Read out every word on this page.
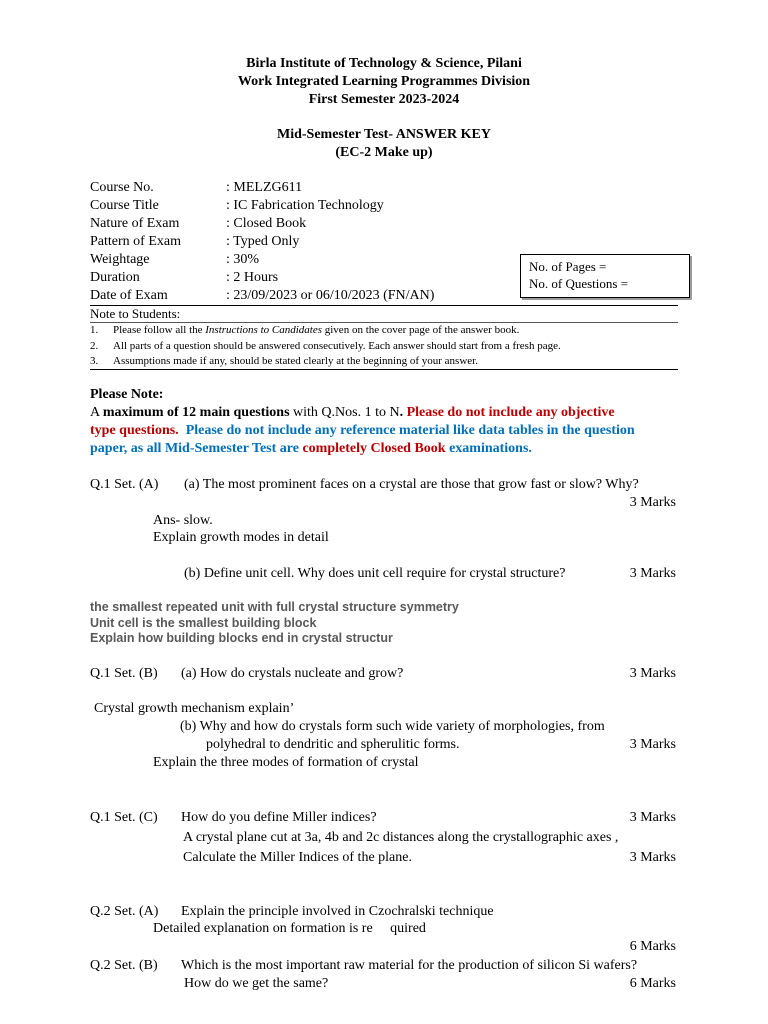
Birla Institute of Technology & Science, Pilani
Work Integrated Learning Programmes Division
First Semester 2023-2024
Mid-Semester Test- ANSWER KEY
(EC-2 Make up)
Course No.	: MELZG611
Course Title	: IC Fabrication Technology
Nature of Exam	: Closed Book
Pattern of Exam	: Typed Only
Weightage	: 30%
Duration	: 2 Hours
Date of Exam	: 23/09/2023 or 06/10/2023 (FN/AN)
No. of Pages =
No. of Questions =
Note to Students:
1. Please follow all the Instructions to Candidates given on the cover page of the answer book.
2. All parts of a question should be answered consecutively. Each answer should start from a fresh page.
3. Assumptions made if any, should be stated clearly at the beginning of your answer.
Please Note:
A maximum of 12 main questions with Q.Nos. 1 to N. Please do not include any objective
type questions. Please do not include any reference material like data tables in the question
paper, as all Mid-Semester Test are completely Closed Book examinations.
Q.1 Set. (A) (a) The most prominent faces on a crystal are those that grow fast or slow? Why?
3 Marks
Ans- slow.
Explain growth modes in detail
(b) Define unit cell. Why does unit cell require for crystal structure?	3 Marks
the smallest repeated unit with full crystal structure symmetry
Unit cell is the smallest building block
Explain how building blocks end in crystal structur
Q.1 Set. (B) (a) How do crystals nucleate and grow?	3 Marks
Crystal growth mechanism explain’
(b) Why and how do crystals form such wide variety of morphologies, from
polyhedral to dendritic and spherulitic forms.	3 Marks
Explain the three modes of formation of crystal
Q.1 Set. (C) How do you define Miller indices?	3 Marks
A crystal plane cut at 3a, 4b and 2c distances along the crystallographic axes ,
Calculate the Miller Indices of the plane.	3 Marks
Q.2 Set. (A) Explain the principle involved in Czochralski technique
Detailed explanation on formation is re     quired
6 Marks
Q.2 Set. (B) Which is the most important raw material for the production of silicon Si wafers?
How do we get the same?	6 Marks
